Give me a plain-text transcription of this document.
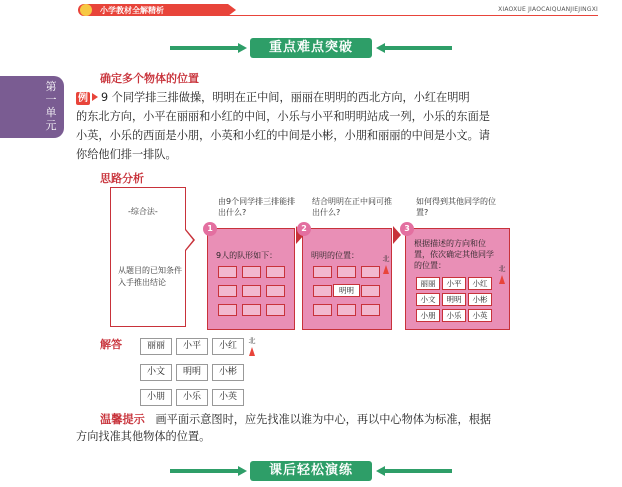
小学教材全解精析	XIAOXUE JIAOCAIQUANJIEJINGXI
重点难点突破
第一单元
确定多个物体的位置
例 9 个同学排三排做操，明明在正中间，丽丽在明明的西北方向，小红在明明
的东北方向，小平在丽丽和小红的中间，小乐与小平和明明站成一列，小乐的东面是
小英，小乐的西面是小朋，小英和小红的中间是小彬，小朋和丽丽的中间是小文。请
你给他们排一排队。
思路分析
-综合法-
从题目的已知条件入手推出结论
由9个同学排三排能排出什么?
1
9人的队形如下：
结合明明在正中间可推出什么?
2
明明的位置：	北
明明
如何得到其他同学的位置?
3
根据描述的方向和位置，依次确定其他同学的位置：	北
丽丽	小平	小红
小文	明明	小彬
小朋	小乐	小英
解答	丽丽	小平	小红
小文	明明	小彬
小朋	小乐	小英
北
温馨提示 画平面示意图时，应先找准以谁为中心，再以中心物体为标准，根据
方向找准其他物体的位置。
课后轻松演练
